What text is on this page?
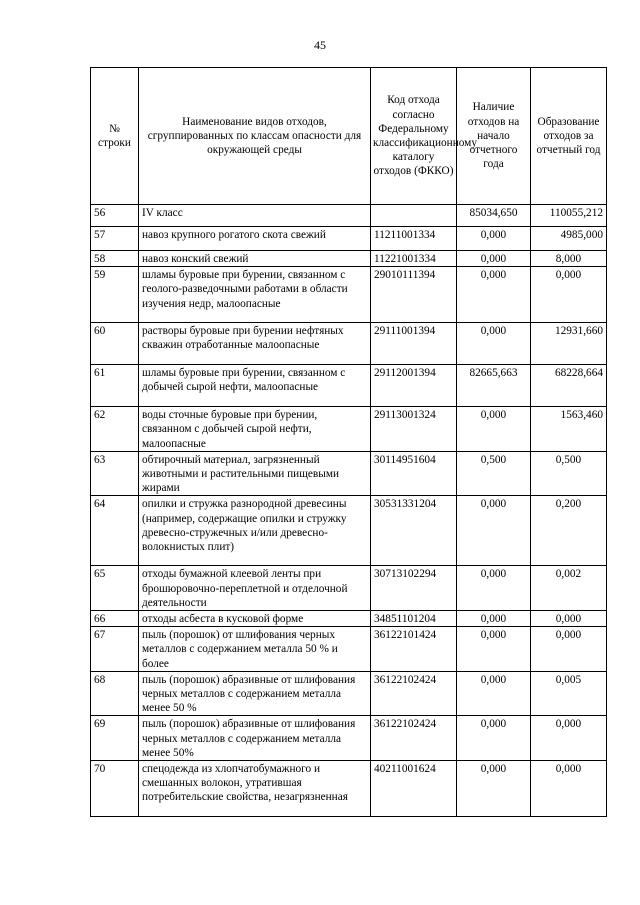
45
№ строки	Наименование видов отходов, сгруппированных по классам опасности для окружающей среды	Код отхода согласно Федеральному классификационному каталогу отходов (ФККО)	Наличие отходов на начало отчетного года	Образование отходов за отчетный год
56	IV класс		85034,650	110055,212
57	навоз крупного рогатого скота свежий	11211001334	0,000	4985,000
58	навоз конский свежий	11221001334	0,000	8,000
59	шламы буровые при бурении, связанном с геолого-разведочными работами в области изучения недр, малоопасные	29010111394	0,000	0,000
60	растворы буровые при бурении нефтяных скважин отработанные малоопасные	29111001394	0,000	12931,660
61	шламы буровые при бурении, связанном с добычей сырой нефти, малоопасные	29112001394	82665,663	68228,664
62	воды сточные буровые при бурении, связанном с добычей сырой нефти, малоопасные	29113001324	0,000	1563,460
63	обтирочный материал, загрязненный животными и растительными пищевыми жирами	30114951604	0,500	0,500
64	опилки и стружка разнородной древесины (например, содержащие опилки и стружку древесно-стружечных и/или древесно-волокнистых плит)	30531331204	0,000	0,200
65	отходы бумажной клеевой ленты при брошюровочно-переплетной и отделочной деятельности	30713102294	0,000	0,002
66	отходы асбеста в кусковой форме	34851101204	0,000	0,000
67	пыль (порошок) от шлифования черных металлов с содержанием металла 50 % и более	36122101424	0,000	0,000
68	пыль (порошок) абразивные от шлифования черных металлов с содержанием металла менее 50 %	36122102424	0,000	0,005
69	пыль (порошок) абразивные от шлифования черных металлов с содержанием металла менее 50%	36122102424	0,000	0,000
70	спецодежда из хлопчатобумажного и смешанных волокон, утратившая потребительские свойства, незагрязненная	40211001624	0,000	0,000
